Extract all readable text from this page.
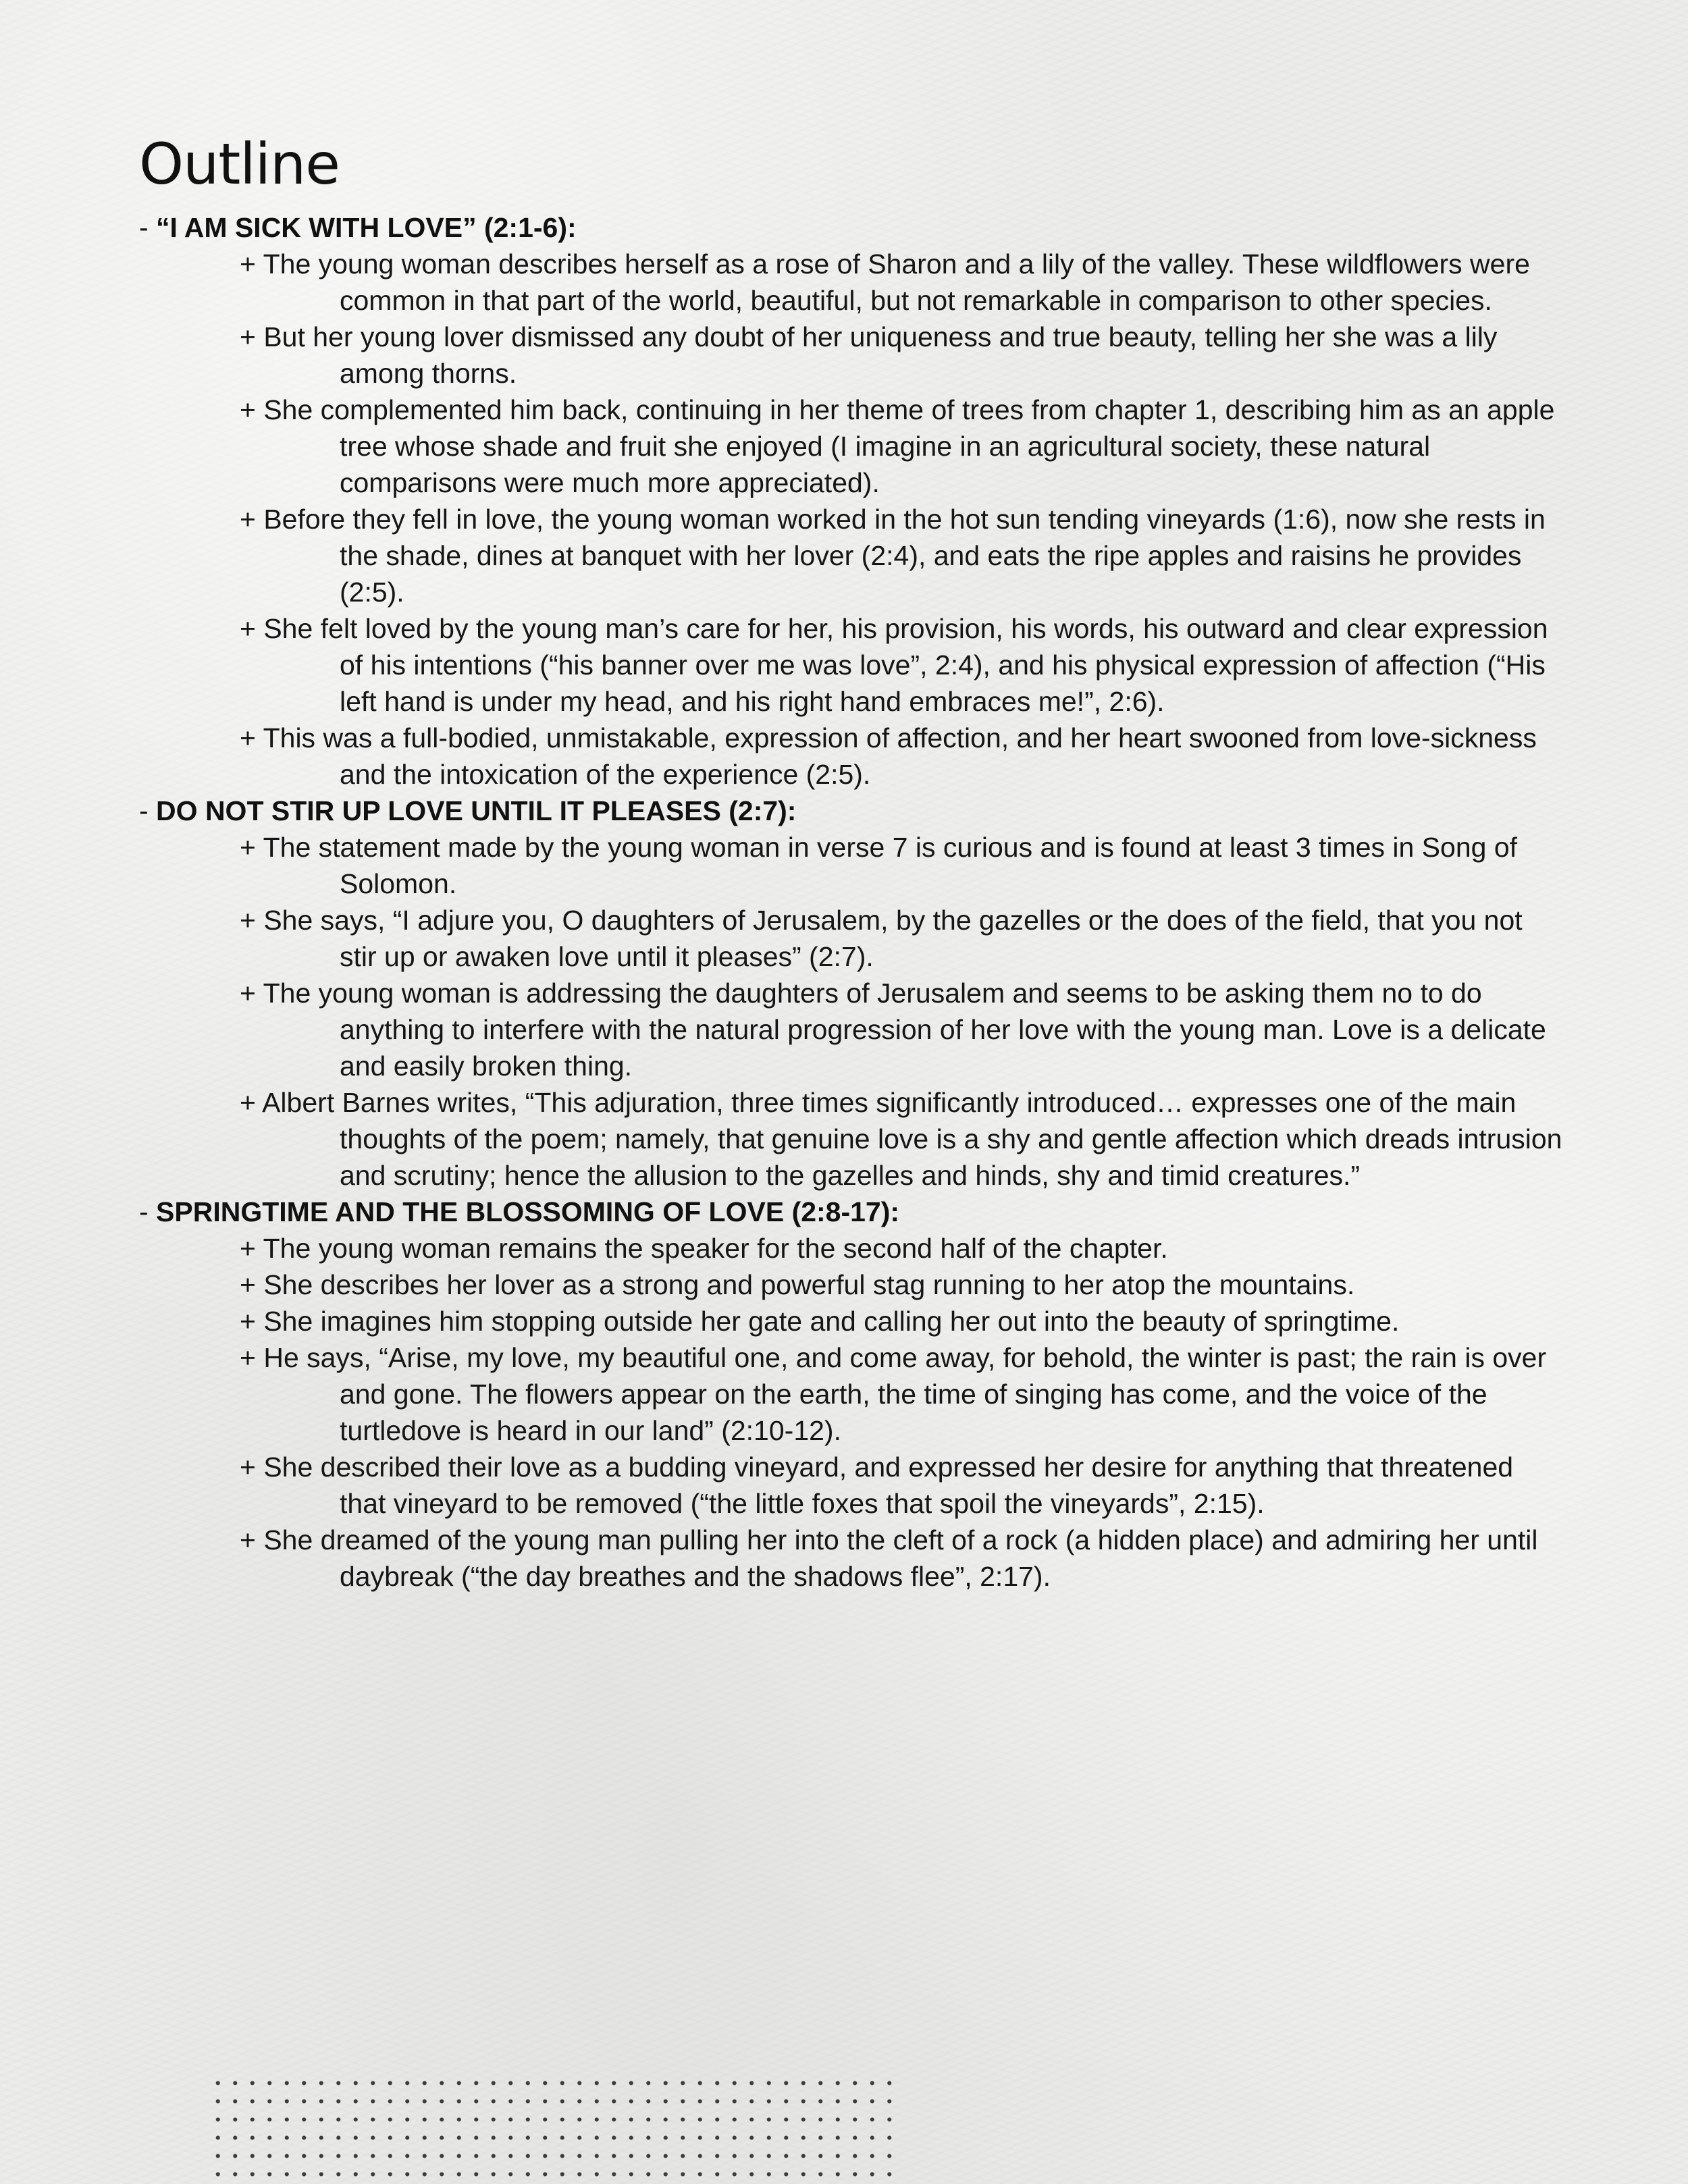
Outline

- “I AM SICK WITH LOVE” (2:1-6):

+ The young woman describes herself as a rose of Sharon and a lily of the valley. These wildflowers were common in that part of the world, beautiful, but not remarkable in comparison to other species.
+ But her young lover dismissed any doubt of her uniqueness and true beauty, telling her she was a lily among thorns.
+ She complemented him back, continuing in her theme of trees from chapter 1, describing him as an apple tree whose shade and fruit she enjoyed (I imagine in an agricultural society, these natural comparisons were much more appreciated).
+ Before they fell in love, the young woman worked in the hot sun tending vineyards (1:6), now she rests in the shade, dines at banquet with her lover (2:4), and eats the ripe apples and raisins he provides (2:5).
+ She felt loved by the young man’s care for her, his provision, his words, his outward and clear expression of his intentions (“his banner over me was love”, 2:4), and his physical expression of affection (“His left hand is under my head, and his right hand embraces me!”, 2:6).
+ This was a full-bodied, unmistakable, expression of affection, and her heart swooned from love-sickness and the intoxication of the experience (2:5).

- DO NOT STIR UP LOVE UNTIL IT PLEASES (2:7):

+ The statement made by the young woman in verse 7 is curious and is found at least 3 times in Song of Solomon.
+ She says, “I adjure you, O daughters of Jerusalem, by the gazelles or the does of the field, that you not stir up or awaken love until it pleases” (2:7).
+ The young woman is addressing the daughters of Jerusalem and seems to be asking them no to do anything to interfere with the natural progression of her love with the young man. Love is a delicate and easily broken thing.
+ Albert Barnes writes, “This adjuration, three times significantly introduced… expresses one of the main thoughts of the poem; namely, that genuine love is a shy and gentle affection which dreads intrusion and scrutiny; hence the allusion to the gazelles and hinds, shy and timid creatures.”

- SPRINGTIME AND THE BLOSSOMING OF LOVE (2:8-17):

+ The young woman remains the speaker for the second half of the chapter.
+ She describes her lover as a strong and powerful stag running to her atop the mountains.
+ She imagines him stopping outside her gate and calling her out into the beauty of springtime.
+ He says, “Arise, my love, my beautiful one, and come away, for behold, the winter is past; the rain is over and gone. The flowers appear on the earth, the time of singing has come, and the voice of the turtledove is heard in our land” (2:10-12).
+ She described their love as a budding vineyard, and expressed her desire for anything that threatened that vineyard to be removed (“the little foxes that spoil the vineyards”, 2:15).
+ She dreamed of the young man pulling her into the cleft of a rock (a hidden place) and admiring her until daybreak (“the day breathes and the shadows flee”, 2:17).
